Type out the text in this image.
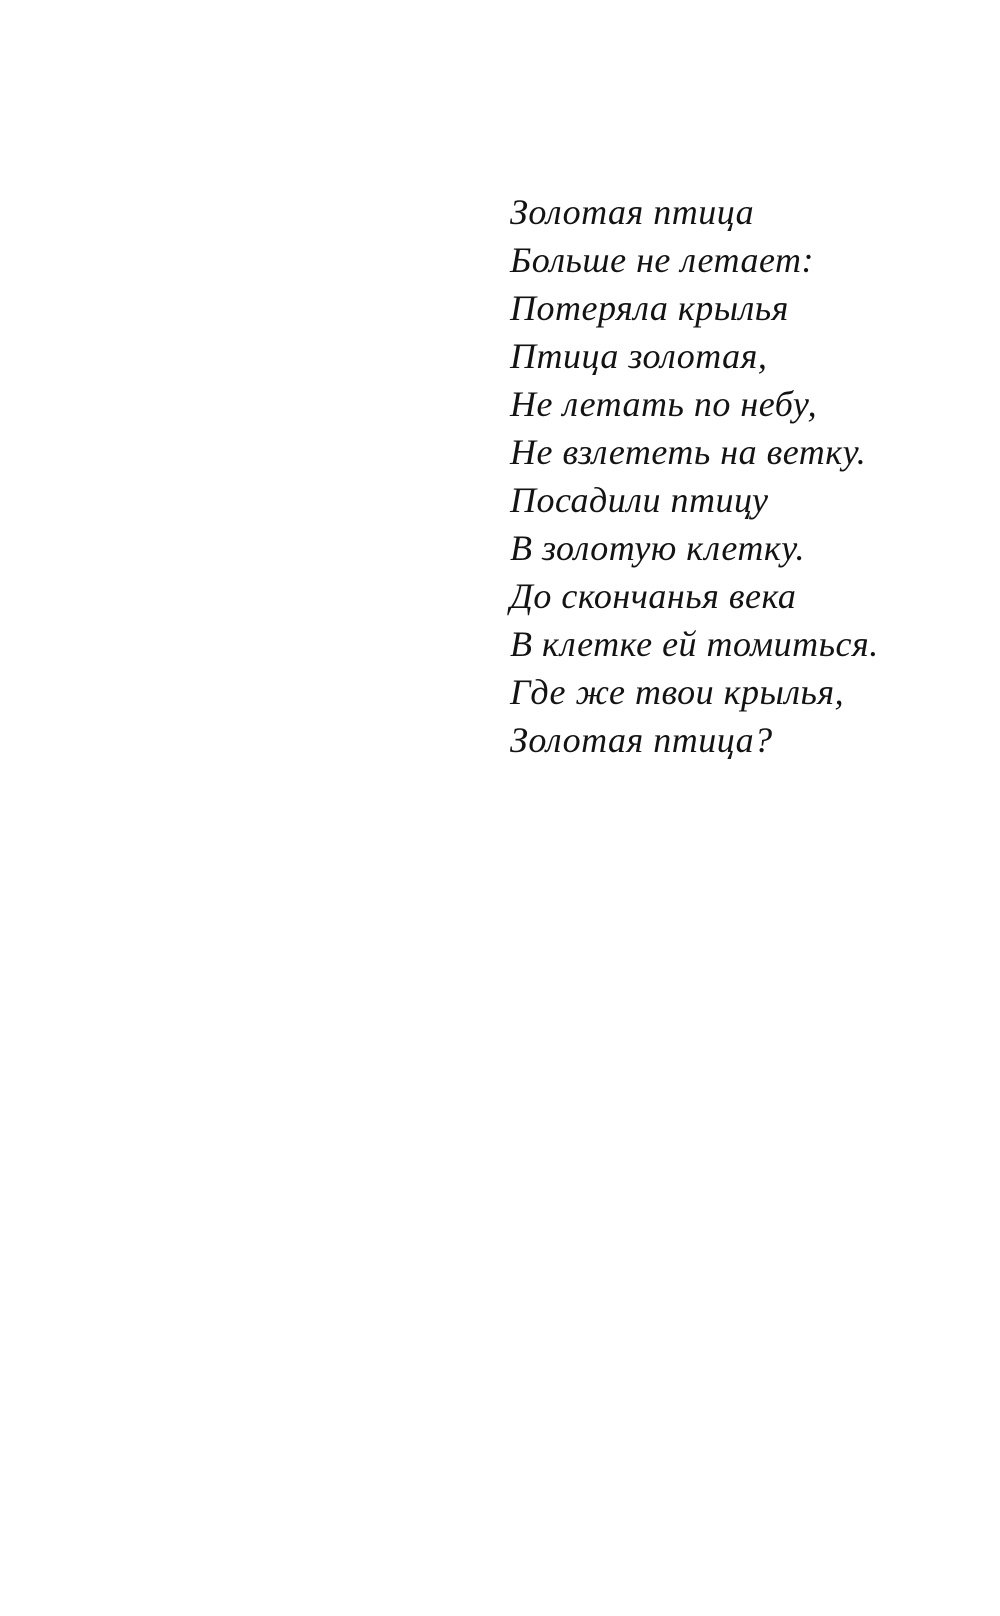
Золотая птица
Больше не летает:
Потеряла крылья
Птица золотая,
Не летать по небу,
Не взлететь на ветку.
Посадили птицу
В золотую клетку.
До скончанья века
В клетке ей томиться.
Где же твои крылья,
Золотая птица?
